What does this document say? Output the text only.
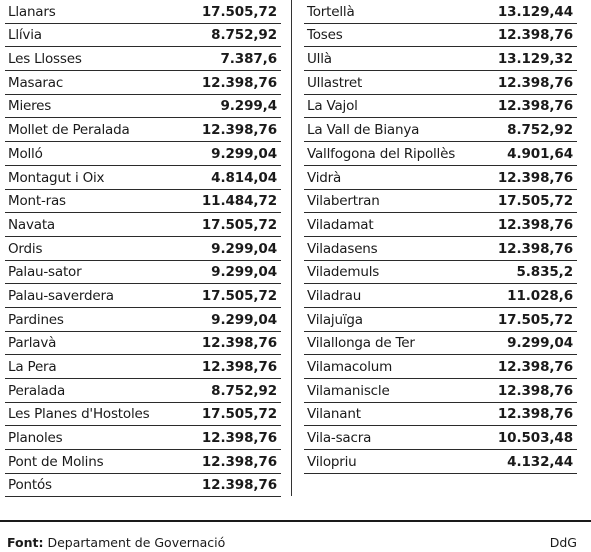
Llanars	17.505,72
Llívia	8.752,92
Les Llosses	7.387,6
Masarac	12.398,76
Mieres	9.299,4
Mollet de Peralada	12.398,76
Molló	9.299,04
Montagut i Oix	4.814,04
Mont-ras	11.484,72
Navata	17.505,72
Ordis	9.299,04
Palau-sator	9.299,04
Palau-saverdera	17.505,72
Pardines	9.299,04
Parlavà	12.398,76
La Pera	12.398,76
Peralada	8.752,92
Les Planes d'Hostoles	17.505,72
Planoles	12.398,76
Pont de Molins	12.398,76
Pontós	12.398,76
Tortellà	13.129,44
Toses	12.398,76
Ullà	13.129,32
Ullastret	12.398,76
La Vajol	12.398,76
La Vall de Bianya	8.752,92
Vallfogona del Ripollès	4.901,64
Vidrà	12.398,76
Vilabertran	17.505,72
Viladamat	12.398,76
Viladasens	12.398,76
Vilademuls	5.835,2
Viladrau	11.028,6
Vilajuïga	17.505,72
Vilallonga de Ter	9.299,04
Vilamacolum	12.398,76
Vilamaniscle	12.398,76
Vilanant	12.398,76
Vila-sacra	10.503,48
Vilopriu	4.132,44
Font: Departament de Governació	DdG
